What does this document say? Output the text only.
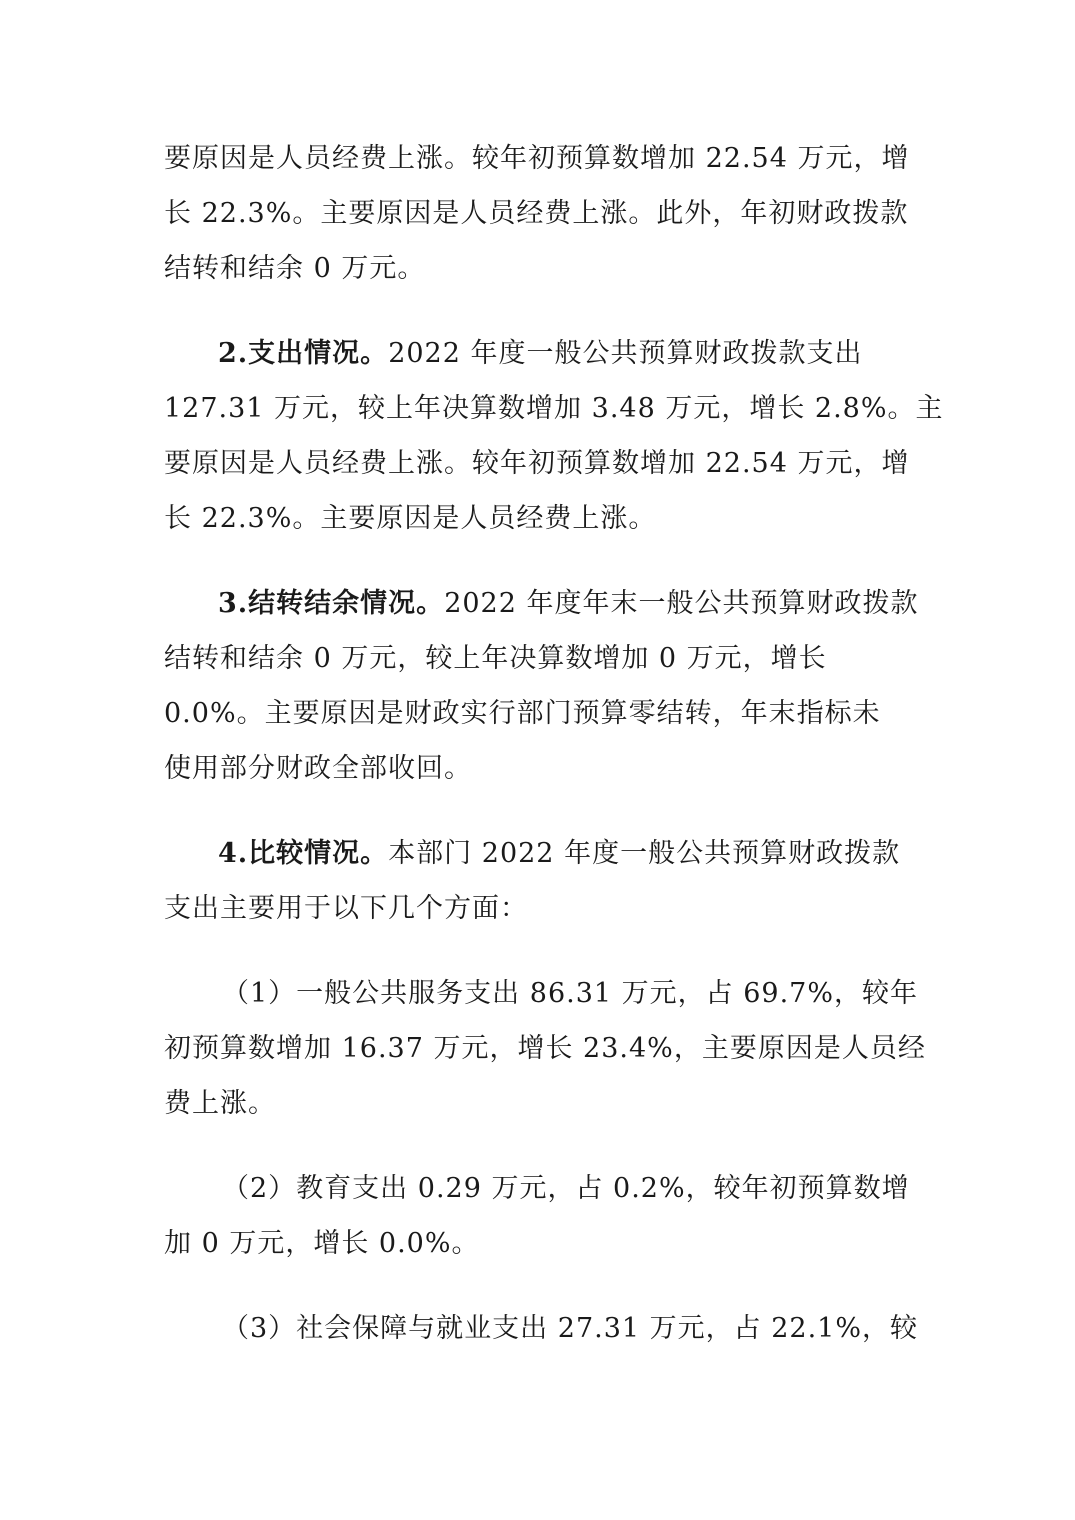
要原因是人员经费上涨。较年初预算数增加 22.54 万元，增
长 22.3%。主要原因是人员经费上涨。此外，年初财政拨款
结转和结余 0 万元。
2.支出情况。2022 年度一般公共预算财政拨款支出
127.31 万元，较上年决算数增加 3.48 万元，增长 2.8%。主
要原因是人员经费上涨。较年初预算数增加 22.54 万元，增
长 22.3%。主要原因是人员经费上涨。
3.结转结余情况。2022 年度年末一般公共预算财政拨款
结转和结余 0 万元，较上年决算数增加 0 万元，增长
0.0%。主要原因是财政实行部门预算零结转，年末指标未
使用部分财政全部收回。
4.比较情况。本部门 2022 年度一般公共预算财政拨款
支出主要用于以下几个方面：
（1）一般公共服务支出 86.31 万元，占 69.7%，较年
初预算数增加 16.37 万元，增长 23.4%，主要原因是人员经
费上涨。
（2）教育支出 0.29 万元，占 0.2%，较年初预算数增
加 0 万元，增长 0.0%。
（3）社会保障与就业支出 27.31 万元，占 22.1%，较
